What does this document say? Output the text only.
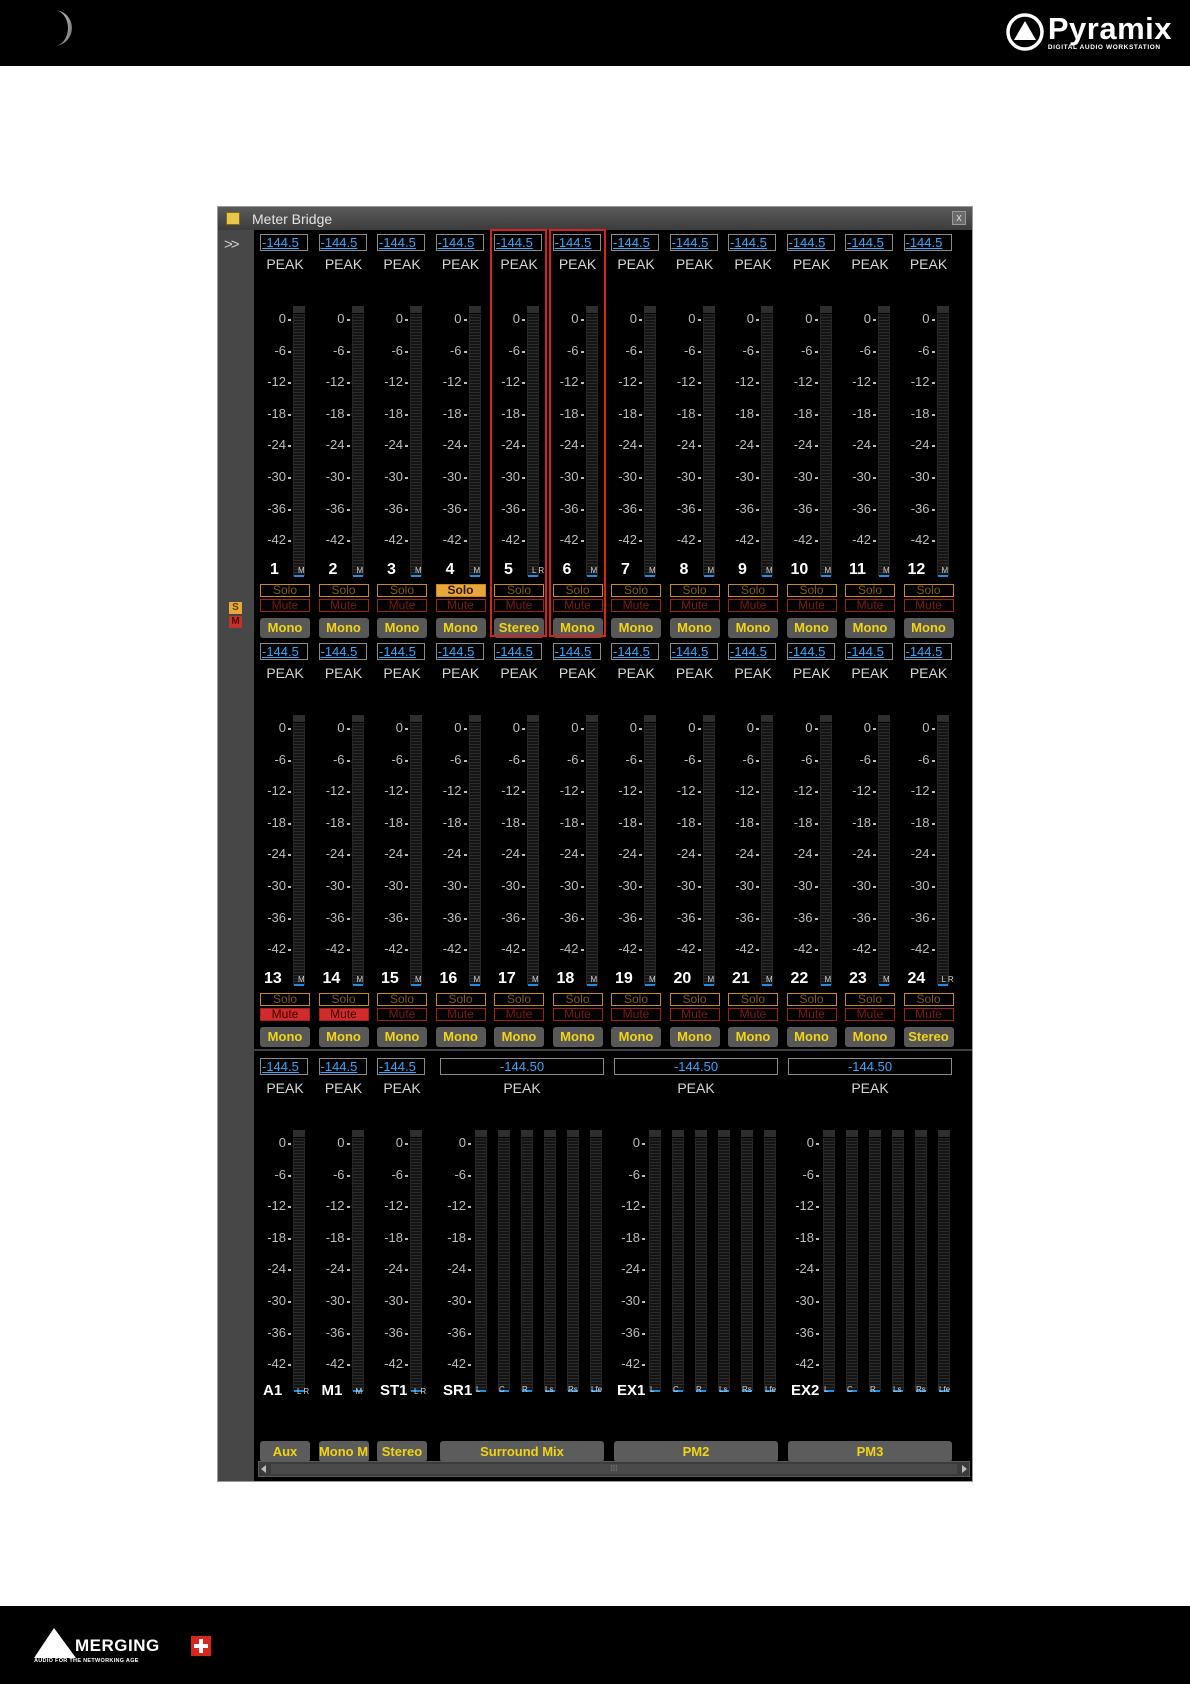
Pyramix
DIGITAL AUDIO WORKSTATION
Meter Bridge	x
>>
S
M
-144.5
PEAK
0
-6
-12
-18
-24
-30
-36
-42
1 M
Solo
Mute
Mono
-144.5
PEAK
0
-6
-12
-18
-24
-30
-36
-42
2 M
Solo
Mute
Mono
-144.5
PEAK
0
-6
-12
-18
-24
-30
-36
-42
3 M
Solo
Mute
Mono
-144.5
PEAK
0
-6
-12
-18
-24
-30
-36
-42
4 M
Solo
Mute
Mono
-144.5
PEAK
0
-6
-12
-18
-24
-30
-36
-42
5 L R
Solo
Mute
Stereo
-144.5
PEAK
0
-6
-12
-18
-24
-30
-36
-42
6 M
Solo
Mute
Mono
-144.5
PEAK
0
-6
-12
-18
-24
-30
-36
-42
7 M
Solo
Mute
Mono
-144.5
PEAK
0
-6
-12
-18
-24
-30
-36
-42
8 M
Solo
Mute
Mono
-144.5
PEAK
0
-6
-12
-18
-24
-30
-36
-42
9 M
Solo
Mute
Mono
-144.5
PEAK
0
-6
-12
-18
-24
-30
-36
-42
10 M
Solo
Mute
Mono
-144.5
PEAK
0
-6
-12
-18
-24
-30
-36
-42
11 M
Solo
Mute
Mono
-144.5
PEAK
0
-6
-12
-18
-24
-30
-36
-42
12 M
Solo
Mute
Mono
-144.5
PEAK
0
-6
-12
-18
-24
-30
-36
-42
13 M
Solo
Mute
Mono
-144.5
PEAK
0
-6
-12
-18
-24
-30
-36
-42
14 M
Solo
Mute
Mono
-144.5
PEAK
0
-6
-12
-18
-24
-30
-36
-42
15 M
Solo
Mute
Mono
-144.5
PEAK
0
-6
-12
-18
-24
-30
-36
-42
16 M
Solo
Mute
Mono
-144.5
PEAK
0
-6
-12
-18
-24
-30
-36
-42
17 M
Solo
Mute
Mono
-144.5
PEAK
0
-6
-12
-18
-24
-30
-36
-42
18 M
Solo
Mute
Mono
-144.5
PEAK
0
-6
-12
-18
-24
-30
-36
-42
19 M
Solo
Mute
Mono
-144.5
PEAK
0
-6
-12
-18
-24
-30
-36
-42
20 M
Solo
Mute
Mono
-144.5
PEAK
0
-6
-12
-18
-24
-30
-36
-42
21 M
Solo
Mute
Mono
-144.5
PEAK
0
-6
-12
-18
-24
-30
-36
-42
22 M
Solo
Mute
Mono
-144.5
PEAK
0
-6
-12
-18
-24
-30
-36
-42
23 M
Solo
Mute
Mono
-144.5
PEAK
0
-6
-12
-18
-24
-30
-36
-42
24 L R
Solo
Mute
Stereo
-144.5
PEAK
0
-6
-12
-18
-24
-30
-36
-42
L R
A1
Aux
-144.5
PEAK
0
-6
-12
-18
-24
-30
-36
-42
M
M1
Mono M
-144.5
PEAK
0
-6
-12
-18
-24
-30
-36
-42
L R
ST1
Stereo
-144.50
PEAK
0
-6
-12
-18
-24
-30
-36
-42
L C R Ls Rs Lfe
SR1
Surround Mix
-144.50
PEAK
0
-6
-12
-18
-24
-30
-36
-42
L C R Ls Rs Lfe
EX1
PM2
-144.50
PEAK
0
-6
-12
-18
-24
-30
-36
-42
L C R Ls Rs Lfe
EX2
PM3
⁞⁞⁞
MERGING
AUDIO FOR THE NETWORKING AGE
